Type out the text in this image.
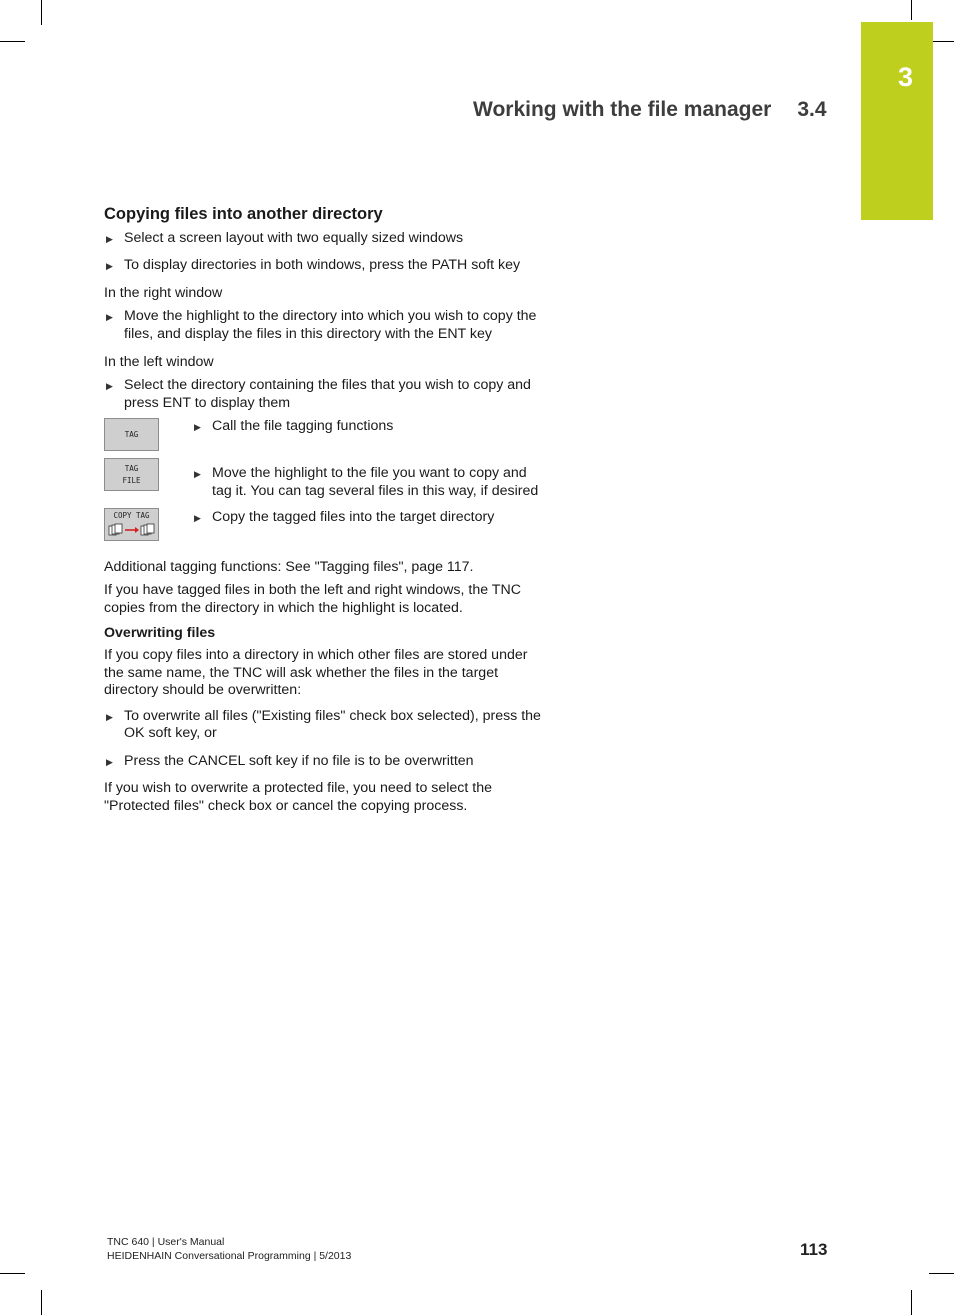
3
Working with the file manager 3.4
Copying files into another directory
▶ Select a screen layout with two equally sized windows
▶ To display directories in both windows, press the PATH soft key

In the right window

▶ Move the highlight to the directory into which you wish to copy the files, and display the files in this directory with the ENT key

In the left window

▶ Select the directory containing the files that you wish to copy and press ENT to display them
TAG	▶ Call the file tagging functions
TAG
FILE	▶ Move the highlight to the file you want to copy and tag it. You can tag several files in this way, if desired
COPY TAG	▶ Copy the tagged files into the target directory

Additional tagging functions: See "Tagging files", page 117.

If you have tagged files in both the left and right windows, the TNC copies from the directory in which the highlight is located.

Overwriting files

If you copy files into a directory in which other files are stored under the same name, the TNC will ask whether the files in the target directory should be overwritten:

▶ To overwrite all files ("Existing files" check box selected), press the OK soft key, or
▶ Press the CANCEL soft key if no file is to be overwritten

If you wish to overwrite a protected file, you need to select the "Protected files" check box or cancel the copying process.

TNC 640 | User's Manual
HEIDENHAIN Conversational Programming | 5/2013	113
